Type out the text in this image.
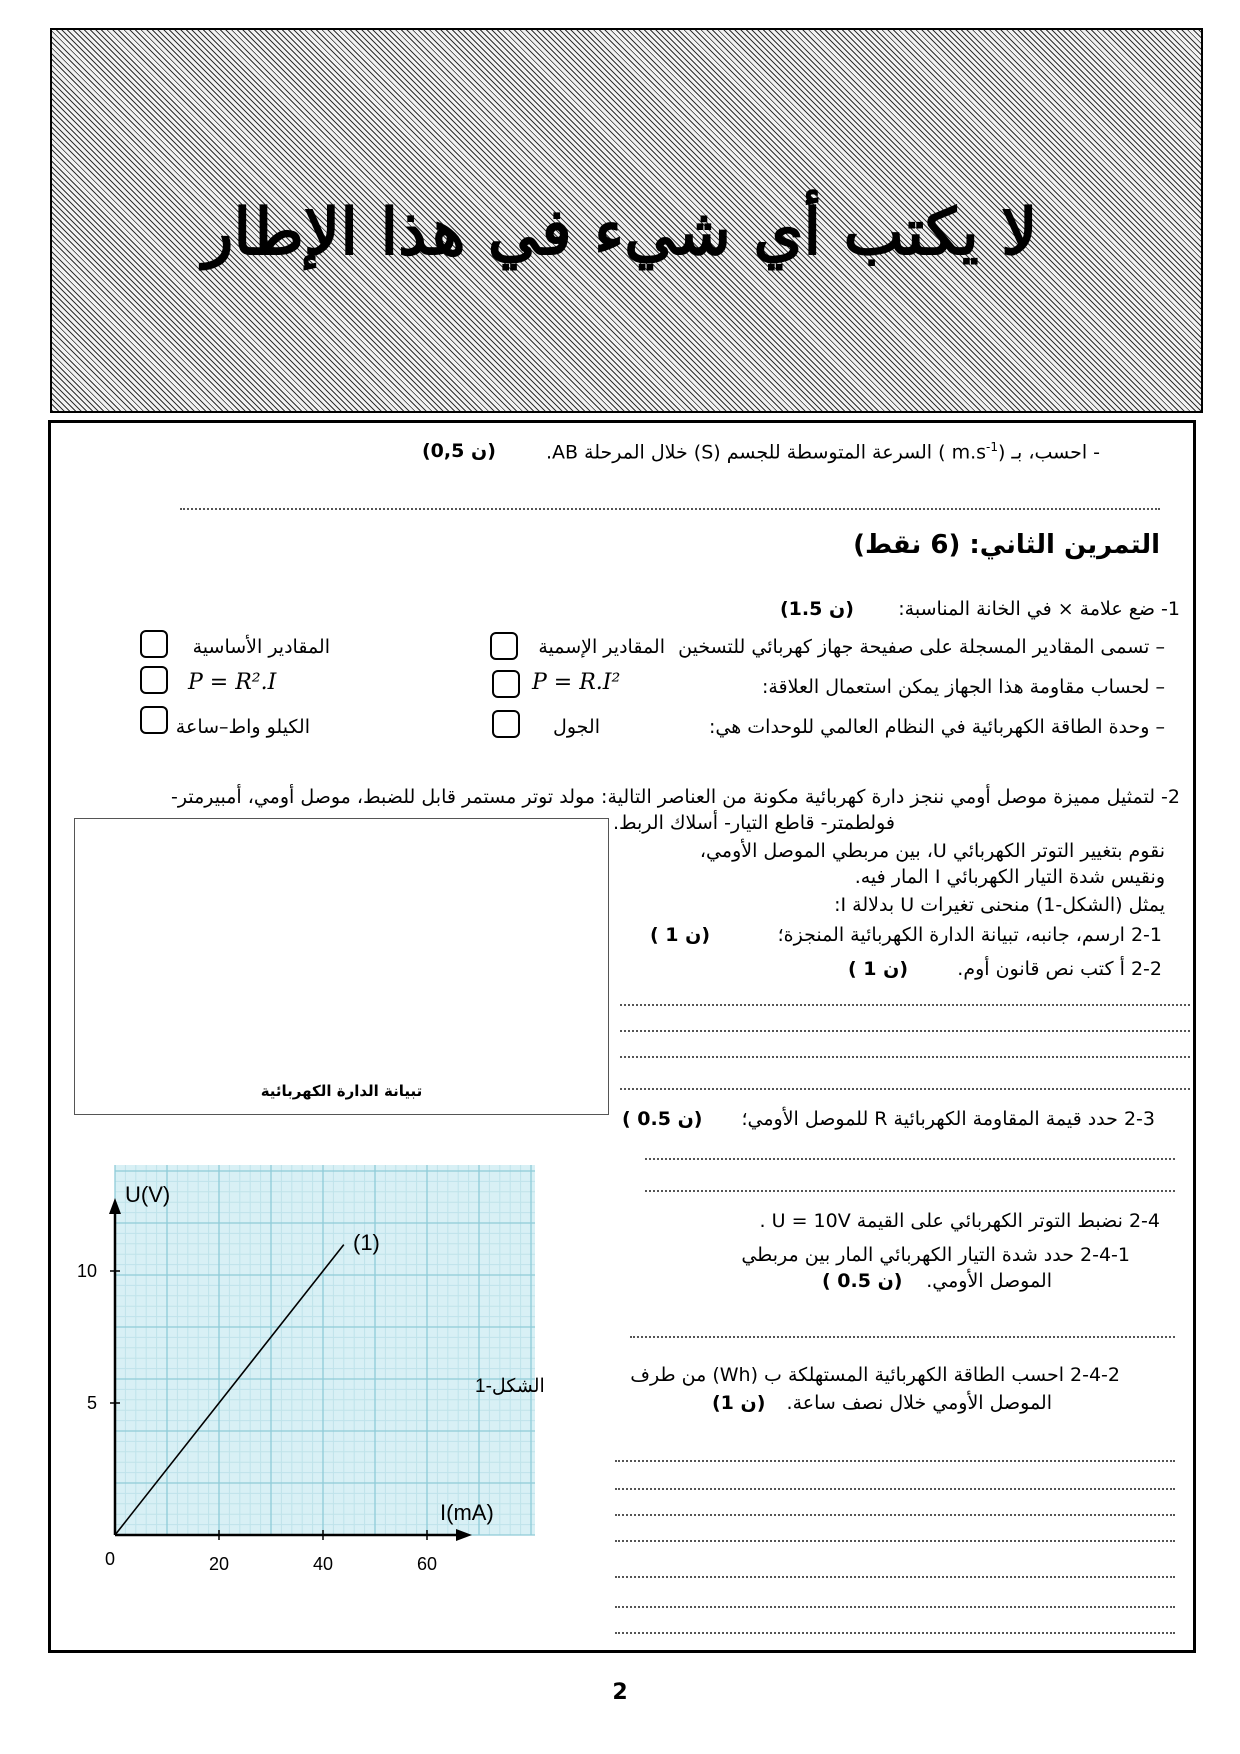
لا يكتب أي شيء في هذا الإطار
- احسب، بـ ($m.s^{-1}$ ) السرعة المتوسطة للجسم (S) خلال المرحلة AB.
(0,5 ن)
التمرين الثاني: (6 نقط)
1- ضع علامة × في الخانة المناسبة:
(1.5 ن)
– تسمى المقادير المسجلة على صفيحة جهاز كهربائي للتسخين
المقادير الإسمية
المقادير الأساسية
– لحساب مقاومة هذا الجهاز يمكن استعمال العلاقة:
P = R.I²
P = R².I
– وحدة الطاقة الكهربائية في النظام العالمي للوحدات هي:
الجول
الكيلو واط–ساعة
2- لتمثيل مميزة موصل أومي ننجز دارة كهربائية مكونة من العناصر التالية: مولد توتر مستمر قابل للضبط، موصل أومي، أمبيرمتر-
فولطمتر- قاطع التيار- أسلاك الربط.
نقوم بتغيير التوتر الكهربائي U، بين مربطي الموصل الأومي،
ونقيس شدة التيار الكهربائي I المار فيه.
يمثل (الشكل-1) منحنى تغيرات U بدلالة I:
2-1 ارسم، جانبه، تبيانة الدارة الكهربائية المنجزة؛
( 1 ن)
2-2 أ كتب نص قانون أوم.
( 1 ن)
تبيانة الدارة الكهربائية
2-3 حدد قيمة المقاومة الكهربائية R للموصل الأومي؛
( 0.5 ن)
2-4 نضبط التوتر الكهربائي على القيمة U = 10V .
2-4-1 حدد شدة التيار الكهربائي المار بين مربطي
الموصل الأومي.
( 0.5 ن)
2-4-2 احسب الطاقة الكهربائية المستهلكة ب (Wh) من طرف
الموصل الأومي خلال نصف ساعة.
(1 ن)
20	40	60
5
10
0
U(V)
I(mA)
(1)
الشكل-1
2
